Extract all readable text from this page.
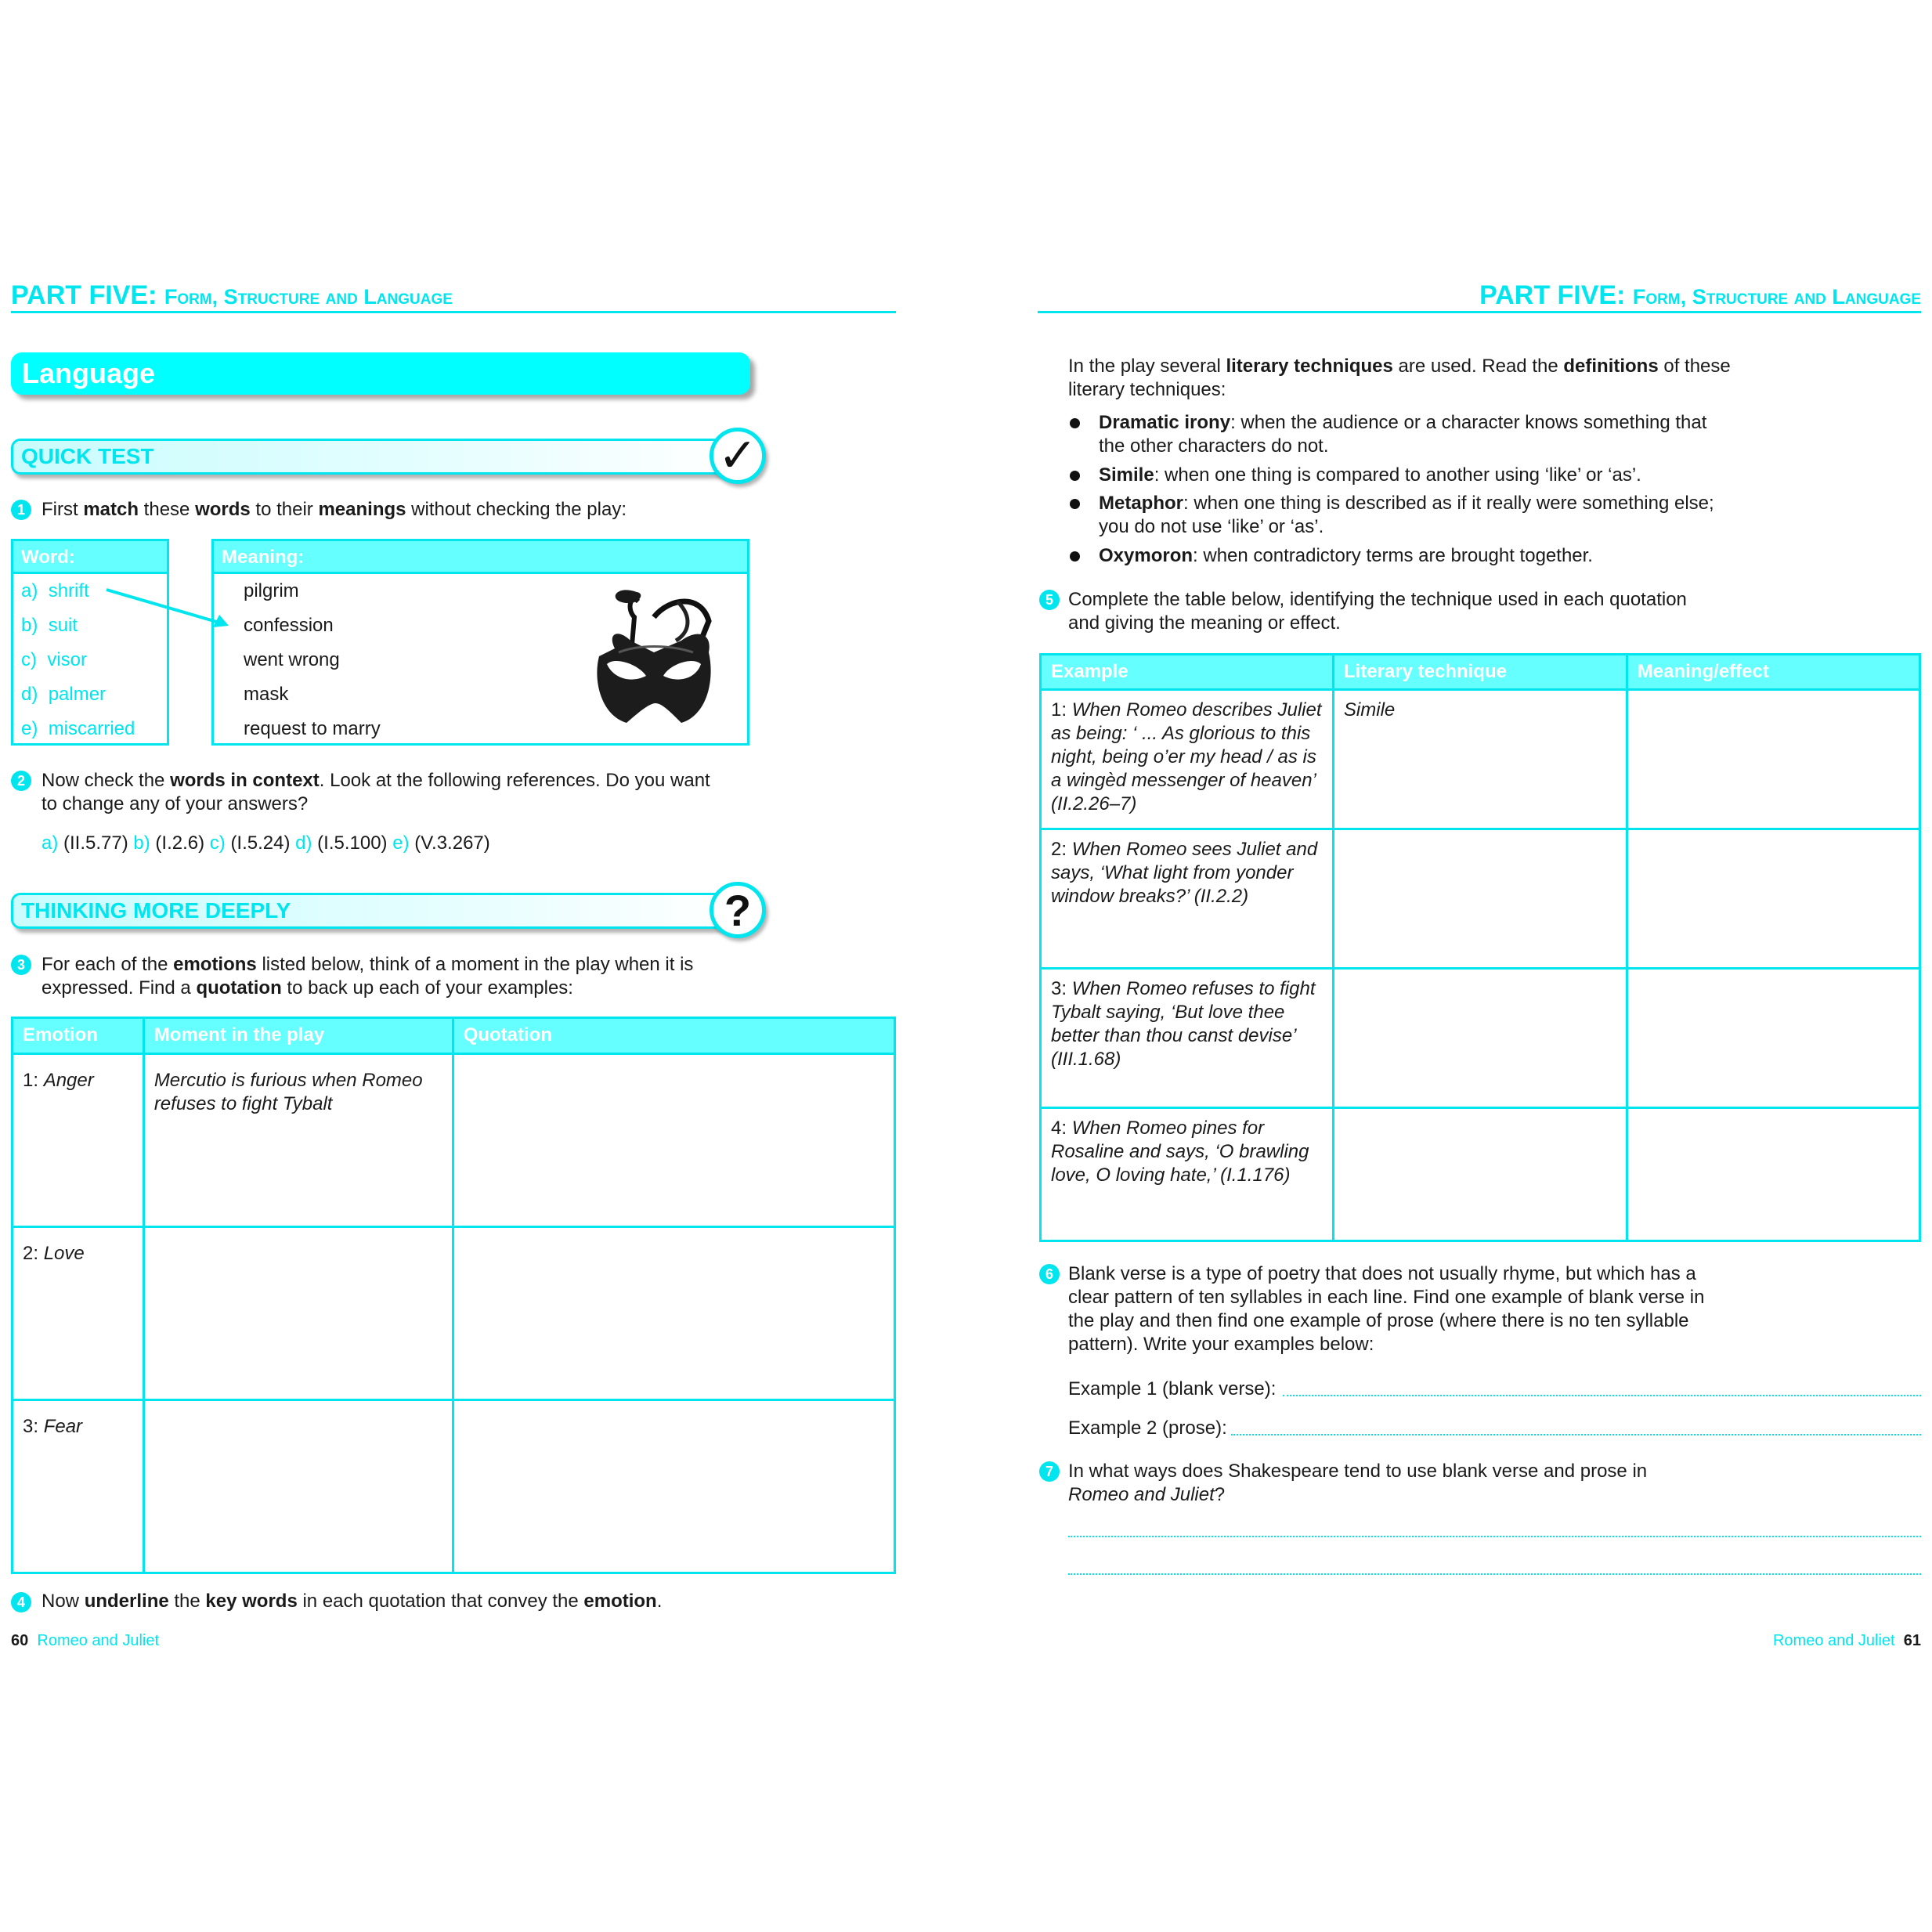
PART FIVE: Form, Structure and Language
Language
QUICK TEST	✓
1 First match these words to their meanings without checking the play:
Word:
a) shrift
b) suit
c) visor
d) palmer
e) miscarried
Meaning:
pilgrim
confession
went wrong
mask
request to marry
2 Now check the words in context. Look at the following references. Do you want
to change any of your answers?
a) (II.5.77) b) (I.2.6) c) (I.5.24) d) (I.5.100) e) (V.3.267)
THINKING MORE DEEPLY	?
3 For each of the emotions listed below, think of a moment in the play when it is
expressed. Find a quotation to back up each of your examples:
Emotion	Moment in the play	Quotation
1: Anger	Mercutio is furious when Romeo refuses to fight Tybalt	
2: Love		
3: Fear		
4 Now underline the key words in each quotation that convey the emotion.
60 Romeo and Juliet
PART FIVE: Form, Structure and Language
In the play several literary techniques are used. Read the definitions of these
literary techniques:
Dramatic irony: when the audience or a character knows something that
the other characters do not.
Simile: when one thing is compared to another using ‘like’ or ‘as’.
Metaphor: when one thing is described as if it really were something else;
you do not use ‘like’ or ‘as’.
Oxymoron: when contradictory terms are brought together.
5 Complete the table below, identifying the technique used in each quotation
and giving the meaning or effect.
Example	Literary technique	Meaning/effect
1: When Romeo describes Juliet as being: ‘ ... As glorious to this night, being o’er my head / as is a wingèd messenger of heaven’ (II.2.26–7)	Simile	
2: When Romeo sees Juliet and says, ‘What light from yonder window breaks?’ (II.2.2)		
3: When Romeo refuses to fight Tybalt saying, ‘But love thee better than thou canst devise’ (III.1.68)		
4: When Romeo pines for Rosaline and says, ‘O brawling love, O loving hate,’ (I.1.176)		
6 Blank verse is a type of poetry that does not usually rhyme, but which has a
clear pattern of ten syllables in each line. Find one example of blank verse in
the play and then find one example of prose (where there is no ten syllable
pattern). Write your examples below:
Example 1 (blank verse):
Example 2 (prose):
7 In what ways does Shakespeare tend to use blank verse and prose in
Romeo and Juliet?
Romeo and Juliet 61
